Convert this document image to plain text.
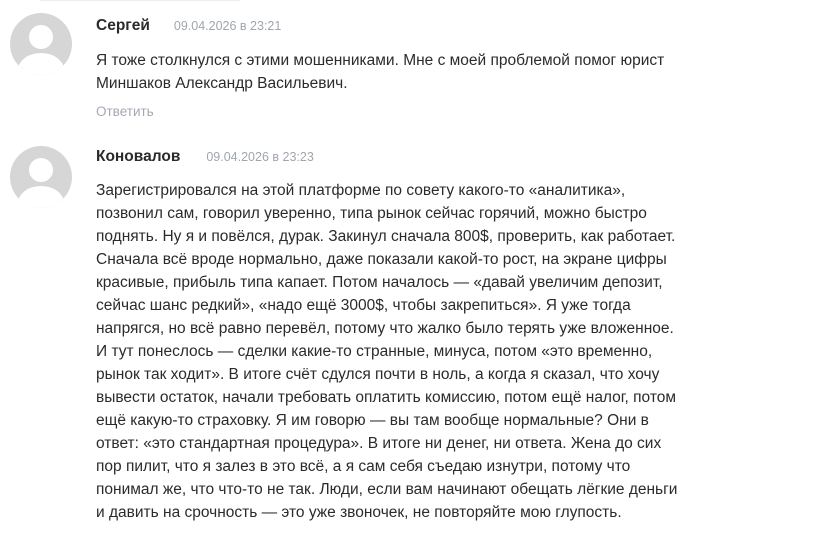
Сергей 09.04.2026 в 23:21
Я тоже столкнулся с этими мошенниками. Мне с моей проблемой помог юрист
Миншаков Александр Васильевич.
Ответить
Коновалов 09.04.2026 в 23:23
Зарегистрировался на этой платформе по совету какого-то «аналитика»,
позвонил сам, говорил уверенно, типа рынок сейчас горячий, можно быстро
поднять. Ну я и повёлся, дурак. Закинул сначала 800$, проверить, как работает.
Сначала всё вроде нормально, даже показали какой-то рост, на экране цифры
красивые, прибыль типа капает. Потом началось — «давай увеличим депозит,
сейчас шанс редкий», «надо ещё 3000$, чтобы закрепиться». Я уже тогда
напрягся, но всё равно перевёл, потому что жалко было терять уже вложенное.
И тут понеслось — сделки какие-то странные, минуса, потом «это временно,
рынок так ходит». В итоге счёт сдулся почти в ноль, а когда я сказал, что хочу
вывести остаток, начали требовать оплатить комиссию, потом ещё налог, потом
ещё какую-то страховку. Я им говорю — вы там вообще нормальные? Они в
ответ: «это стандартная процедура». В итоге ни денег, ни ответа. Жена до сих
пор пилит, что я залез в это всё, а я сам себя съедаю изнутри, потому что
понимал же, что что-то не так. Люди, если вам начинают обещать лёгкие деньги
и давить на срочность — это уже звоночек, не повторяйте мою глупость.
